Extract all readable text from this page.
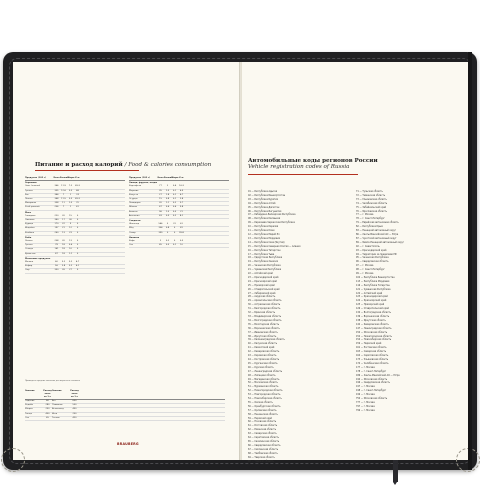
Питание и расход калорий / Food & calories consumption
Продукты (100 г)	Ккал Белки Жиры Угл.
Зерновые
Овес (хлопья)	366	11,9	7,2	69,3
Гречка	335	12,6	3,3	68
Рис	344	7	1	74
Пшено	348	11,5	3,3	69,3
Макароны	338	11	1,3	70
Хлеб ржаной	206	7	1	41
Мясо
Говядина	220	20	15	0
Свинина	340	17	30	0
Курица	170	22	9	0
Индейка	197	21	12	0
Колбаса	260	13	23	0
Рыба
Лосось	208	20	13	0
Треска	78	18	0,6	0
Сельдь	161	18	10	0
Креветки	87	18	1,1	0
Молочные продукты
Молоко	60	3,2	3,2	4,7
Кефир	56	2,8	3,2	4,1
Сыр	350	26	27	0
Продукты (100 г)	Ккал Белки Жиры Угл.
Овощи, фрукты, ягоды
Картофель	77	2	0,4	16,3
Морковь	35	1,3	0,1	6,9
Капуста	27	1,8	0,1	4,7
Огурцы	15	0,8	0,1	2,8
Помидоры	20	1,1	0,2	3,7
Яблоки	47	0,4	0,4	9,8
Бананы	96	1,5	0,5	21
Апельсин	43	0,9	0,2	8,1
Сладости
Шоколад	546	5	31	61
Мёд	304	0,8	0	81
Сахар	399	0	0	99,8
Напитки
Кофе	2	0,2	0	0,3
Сок	45	0,5	0,1	10
Приведены средние значения для взрослого человека
Занятие	Расход ккал за 1 ч
Занятие	Расход ккал за 1 ч
Сидение	80	Бег	600
Ходьба	280	Плавание	500
Уборка	250	Велосипед	450
Танцы	400	Йога	200
Сон	65	Теннис	420
BRAUBERG
Автомобильные коды регионов России
Vehicle registration codes of Russia
01 — Республика Адыгея
02 — Республика Башкортостан
03 — Республика Бурятия
04 — Республика Алтай
05 — Республика Дагестан
06 — Республика Ингушетия
07 — Кабардино-Балкарская Республика
08 — Республика Калмыкия
09 — Карачаево-Черкесская Республика
10 — Республика Карелия
11 — Республика Коми
12 — Республика Марий Эл
13 — Республика Мордовия
14 — Республика Саха (Якутия)
15 — Республика Северная Осетия — Алания
16 — Республика Татарстан
17 — Республика Тыва
18 — Удмуртская Республика
19 — Республика Хакасия
20 — Чеченская Республика
21 — Чувашская Республика
22 — Алтайский край
23 — Краснодарский край
24 — Красноярский край
25 — Приморский край
26 — Ставропольский край
27 — Хабаровский край
28 — Амурская область
29 — Архангельская область
30 — Астраханская область
31 — Белгородская область
32 — Брянская область
33 — Владимирская область
34 — Волгоградская область
35 — Вологодская область
36 — Воронежская область
37 — Ивановская область
38 — Иркутская область
39 — Калининградская область
40 — Калужская область
41 — Камчатский край
42 — Кемеровская область
43 — Кировская область
44 — Костромская область
45 — Курганская область
46 — Курская область
47 — Ленинградская область
48 — Липецкая область
49 — Магаданская область
50 — Московская область
51 — Мурманская область
52 — Нижегородская область
53 — Новгородская область
54 — Новосибирская область
55 — Омская область
56 — Оренбургская область
57 — Орловская область
58 — Пензенская область
59 — Пермский край
60 — Псковская область
61 — Ростовская область
62 — Рязанская область
63 — Самарская область
64 — Саратовская область
65 — Сахалинская область
66 — Свердловская область
67 — Смоленская область
68 — Тамбовская область
69 — Тверская область
70 — Томская область
71 — Тульская область
72 — Тюменская область
73 — Ульяновская область
74 — Челябинская область
75 — Забайкальский край
76 — Ярославская область
77 — г. Москва
78 — г. Санкт-Петербург
79 — Еврейская автономная область
82 — Республика Крым
83 — Ненецкий автономный округ
86 — Ханты-Мансийский АО — Югра
87 — Чукотский автономный округ
89 — Ямало-Ненецкий автономный округ
92 — г. Севастополь
93 — Краснодарский край
94 — Территории за пределами РФ
95 — Чеченская Республика
96 — Свердловская область
97 — г. Москва
98 — г. Санкт-Петербург
99 — г. Москва
102 — Республика Башкортостан
113 — Республика Мордовия
116 — Республика Татарстан
121 — Чувашская Республика
122 — Алтайский край
123 — Краснодарский край
124 — Красноярский край
125 — Приморский край
126 — Ставропольский край
134 — Волгоградская область
136 — Воронежская область
138 — Иркутская область
142 — Кемеровская область
147 — Ленинградская область
150 — Московская область
152 — Нижегородская область
154 — Новосибирская область
159 — Пермский край
161 — Ростовская область
163 — Самарская область
164 — Саратовская область
173 — Ульяновская область
174 — Челябинская область
177 — г. Москва
178 — г. Санкт-Петербург
186 — Ханты-Мансийский АО — Югра
190 — Московская область
196 — Свердловская область
197 — г. Москва
198 — г. Санкт-Петербург
199 — г. Москва
750 — Московская область
777 — г. Москва
797 — г. Москва
799 — г. Москва
